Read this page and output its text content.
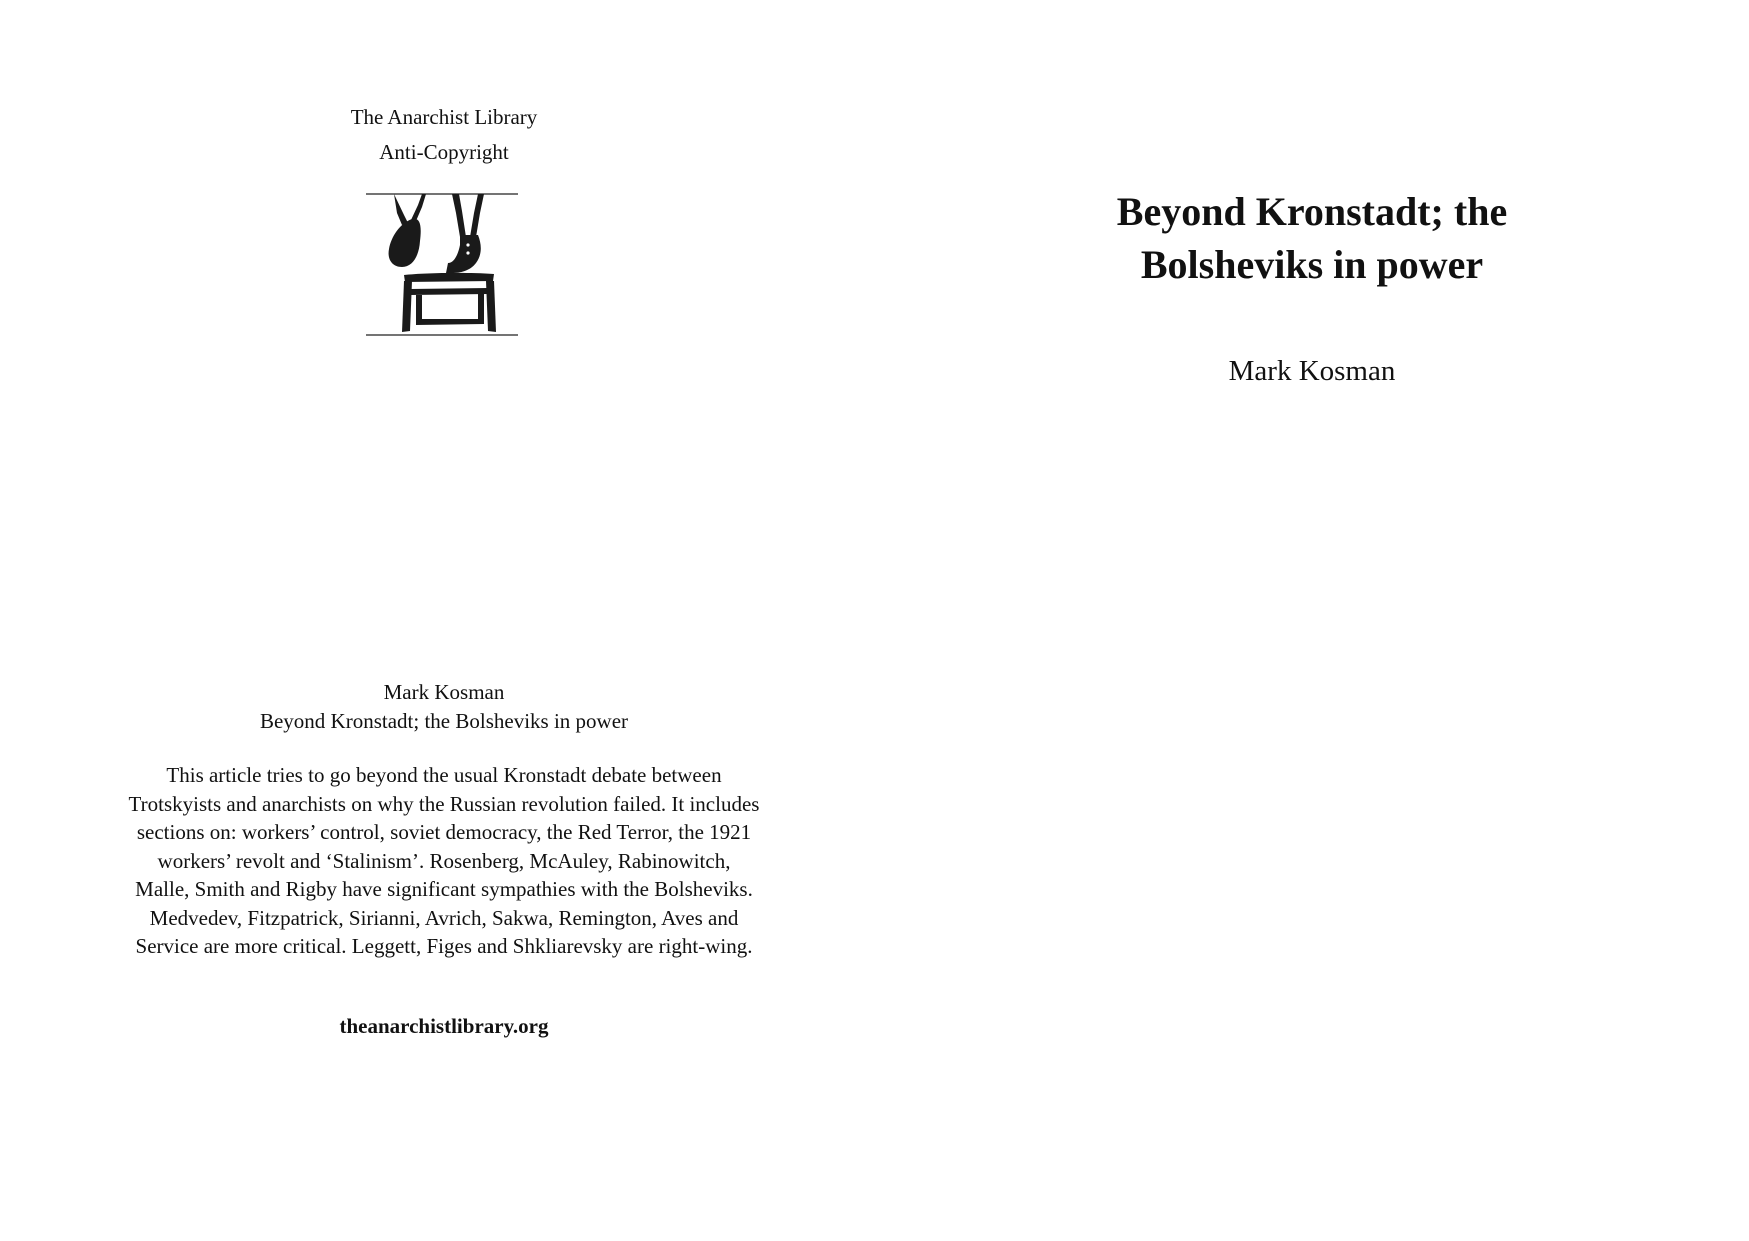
The Anarchist Library
Anti-Copyright
Mark Kosman
Beyond Kronstadt; the Bolsheviks in power
This article tries to go beyond the usual Kronstadt debate between Trotskyists and anarchists on why the Russian revolution failed. It includes sections on: workers’ control, soviet democracy, the Red Terror, the 1921 workers’ revolt and ‘Stalinism’. Rosenberg, McAuley, Rabinowitch, Malle, Smith and Rigby have significant sympathies with the Bolsheviks. Medvedev, Fitzpatrick, Sirianni, Avrich, Sakwa, Remington, Aves and Service are more critical. Leggett, Figes and Shkliarevsky are right-wing.
theanarchistlibrary.org
Beyond Kronstadt; the
Bolsheviks in power
Mark Kosman
